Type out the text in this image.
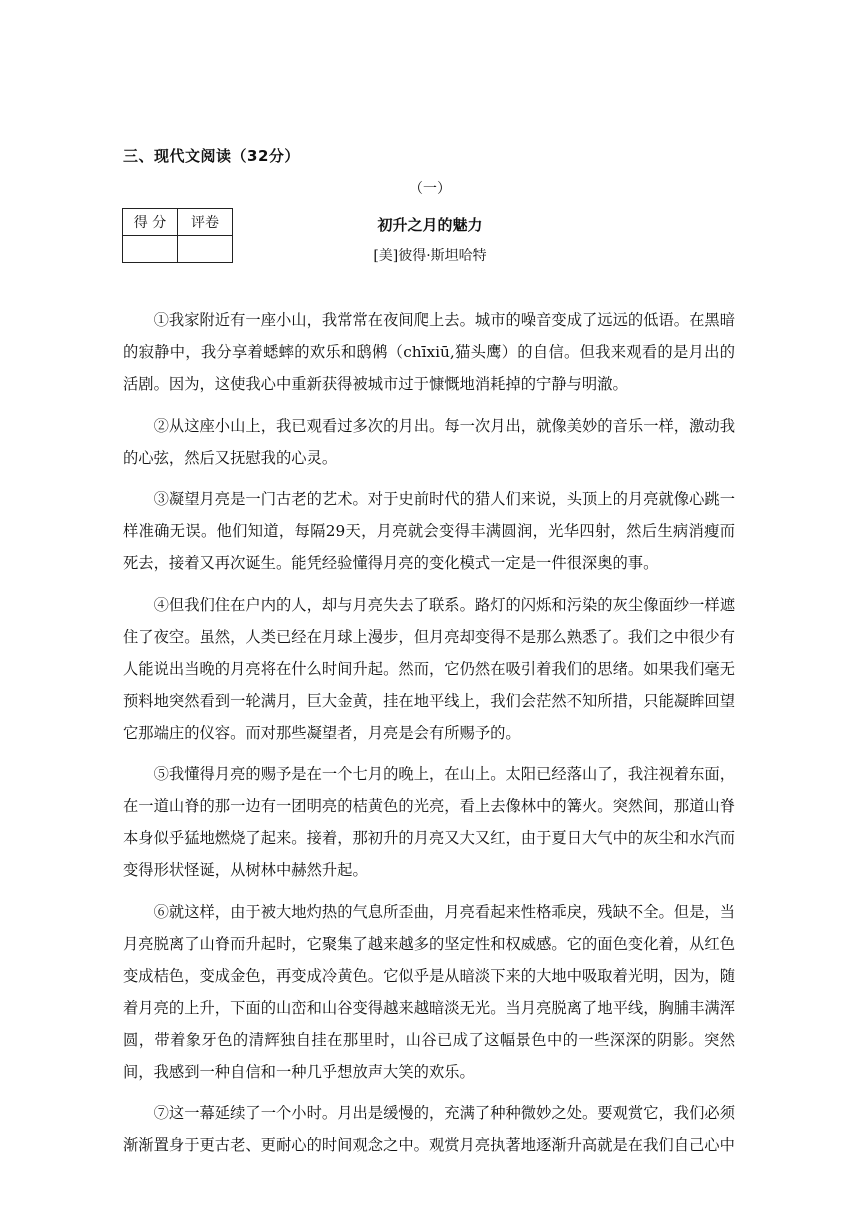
三、现代文阅读（32分）
（一）
得 分	评卷
		初升之月的魅力
[美]彼得·斯坦哈特

①我家附近有一座小山，我常常在夜间爬上去。城市的噪音变成了远远的低语。在黑暗的寂静中，我分享着蟋蟀的欢乐和鸱鸺（chīxiū,猫头鹰）的自信。但我来观看的是月出的活剧。因为，这使我心中重新获得被城市过于慷慨地消耗掉的宁静与明澈。

②从这座小山上，我已观看过多次的月出。每一次月出，就像美妙的音乐一样，激动我的心弦，然后又抚慰我的心灵。

③凝望月亮是一门古老的艺术。对于史前时代的猎人们来说，头顶上的月亮就像心跳一样准确无误。他们知道，每隔29天，月亮就会变得丰满圆润，光华四射，然后生病消瘦而死去，接着又再次诞生。能凭经验懂得月亮的变化模式一定是一件很深奥的事。

④但我们住在户内的人，却与月亮失去了联系。路灯的闪烁和污染的灰尘像面纱一样遮住了夜空。虽然，人类已经在月球上漫步，但月亮却变得不是那么熟悉了。我们之中很少有人能说出当晚的月亮将在什么时间升起。然而，它仍然在吸引着我们的思绪。如果我们毫无预料地突然看到一轮满月，巨大金黄，挂在地平线上，我们会茫然不知所措，只能凝眸回望它那端庄的仪容。而对那些凝望者，月亮是会有所赐予的。

⑤我懂得月亮的赐予是在一个七月的晚上，在山上。太阳已经落山了，我注视着东面，在一道山脊的那一边有一团明亮的桔黄色的光亮，看上去像林中的篝火。突然间，那道山脊本身似乎猛地燃烧了起来。接着，那初升的月亮又大又红，由于夏日大气中的灰尘和水汽而变得形状怪诞，从树林中赫然升起。

⑥就这样，由于被大地灼热的气息所歪曲，月亮看起来性格乖戾，残缺不全。但是，当月亮脱离了山脊而升起时，它聚集了越来越多的坚定性和权威感。它的面色变化着，从红色变成桔色，变成金色，再变成冷黄色。它似乎是从暗淡下来的大地中吸取着光明，因为，随着月亮的上升，下面的山峦和山谷变得越来越暗淡无光。当月亮脱离了地平线，胸脯丰满浑圆，带着象牙色的清辉独自挂在那里时，山谷已成了这幅景色中的一些深深的阴影。突然间，我感到一种自信和一种几乎想放声大笑的欢乐。

⑦这一幕延续了一个小时。月出是缓慢的，充满了种种微妙之处。要观赏它，我们必须渐渐置身于更古老、更耐心的时间观念之中。观赏月亮执著地逐渐升高就是在我们自己心中
